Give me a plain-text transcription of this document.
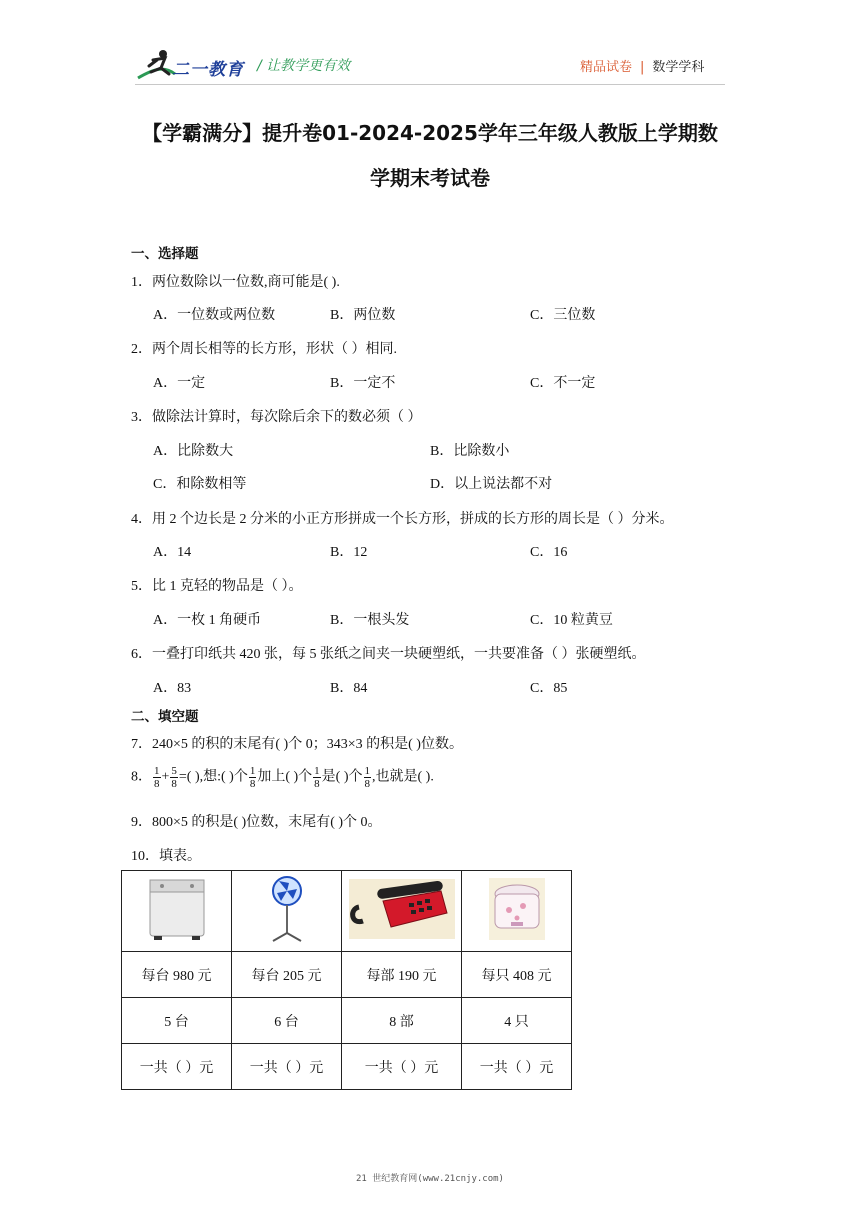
二一教育 / 让教学更有效	精品试卷 | 数学学科
【学霸满分】提升卷01-2024-2025学年三年级人教版上学期数
学期末考试卷
一、选择题
1．两位数除以一位数,商可能是( ).
A．一位数或两位数	B．两位数	C．三位数
2．两个周长相等的长方形，形状（ ）相同.
A．一定	B．一定不	C．不一定
3．做除法计算时，每次除后余下的数必须（ ）
A．比除数大	B．比除数小
C．和除数相等	D．以上说法都不对
4．用 2 个边长是 2 分米的小正方形拼成一个长方形，拼成的长方形的周长是（ ）分米。
A．14	B．12	C．16
5．比 1 克轻的物品是（ ）。
A．一枚 1 角硬币	B．一根头发	C．10 粒黄豆
6．一叠打印纸共 420 张，每 5 张纸之间夹一块硬塑纸，一共要准备（ ）张硬塑纸。
A．83	B．84	C．85
二、填空题
7．240×5 的积的末尾有( )个 0；343×3 的积是( )位数。
8． $\frac{1}{8} + \frac{5}{8}$ =( ),想:( )个 $\frac{1}{8}$ 加上( )个 $\frac{1}{8}$ 是( )个 $\frac{1}{8}$ ,也就是( ).
9．800×5 的积是( )位数，末尾有( )个 0。
10．填表。

每台 980 元	每台 205 元	每部 190 元	每只 408 元
5 台	6 台	8 部	4 只
一共（ ）元	一共（ ）元	一共（ ）元	一共（ ）元
21 世纪教育网(www.21cnjy.com)
